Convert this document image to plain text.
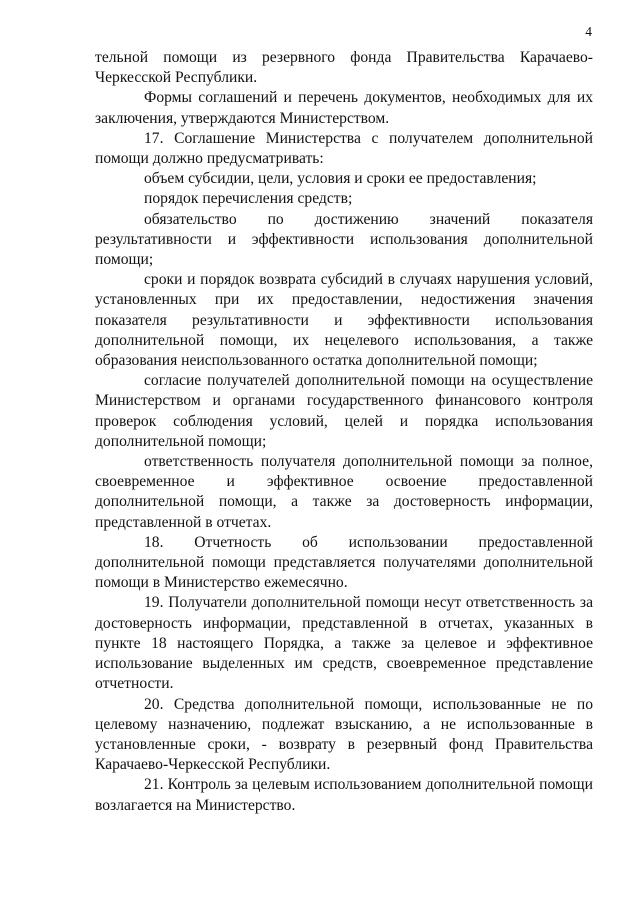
4

тельной помощи из резервного фонда Правительства Карачаево-Черкесской Республики.

Формы соглашений и перечень документов, необходимых для их заключения, утверждаются Министерством.

17. Соглашение Министерства с получателем дополнительной помощи должно предусматривать:

объем субсидии, цели, условия и сроки ее предоставления;

порядок перечисления средств;

обязательство по достижению значений показателя результативности и эффективности использования дополнительной помощи;

сроки и порядок возврата субсидий в случаях нарушения условий, установленных при их предоставлении, недостижения значения показателя результативности и эффективности использования дополнительной помощи, их нецелевого использования, а также образования неиспользованного остатка дополнительной помощи;

согласие получателей дополнительной помощи на осуществление Министерством и органами государственного финансового контроля проверок соблюдения условий, целей и порядка использования дополнительной помощи;

ответственность получателя дополнительной помощи за полное, своевременное и эффективное освоение предоставленной дополнительной помощи, а также за достоверность информации, представленной в отчетах.

18. Отчетность об использовании предоставленной дополнительной помощи представляется получателями дополнительной помощи в Министерство ежемесячно.

19. Получатели дополнительной помощи несут ответственность за достоверность информации, представленной в отчетах, указанных в пункте 18 настоящего Порядка, а также за целевое и эффективное использование выделенных им средств, своевременное представление отчетности.

20. Средства дополнительной помощи, использованные не по целевому назначению, подлежат взысканию, а не использованные в установленные сроки, - возврату в резервный фонд Правительства Карачаево-Черкесской Республики.

21. Контроль за целевым использованием дополнительной помощи возлагается на Министерство.
